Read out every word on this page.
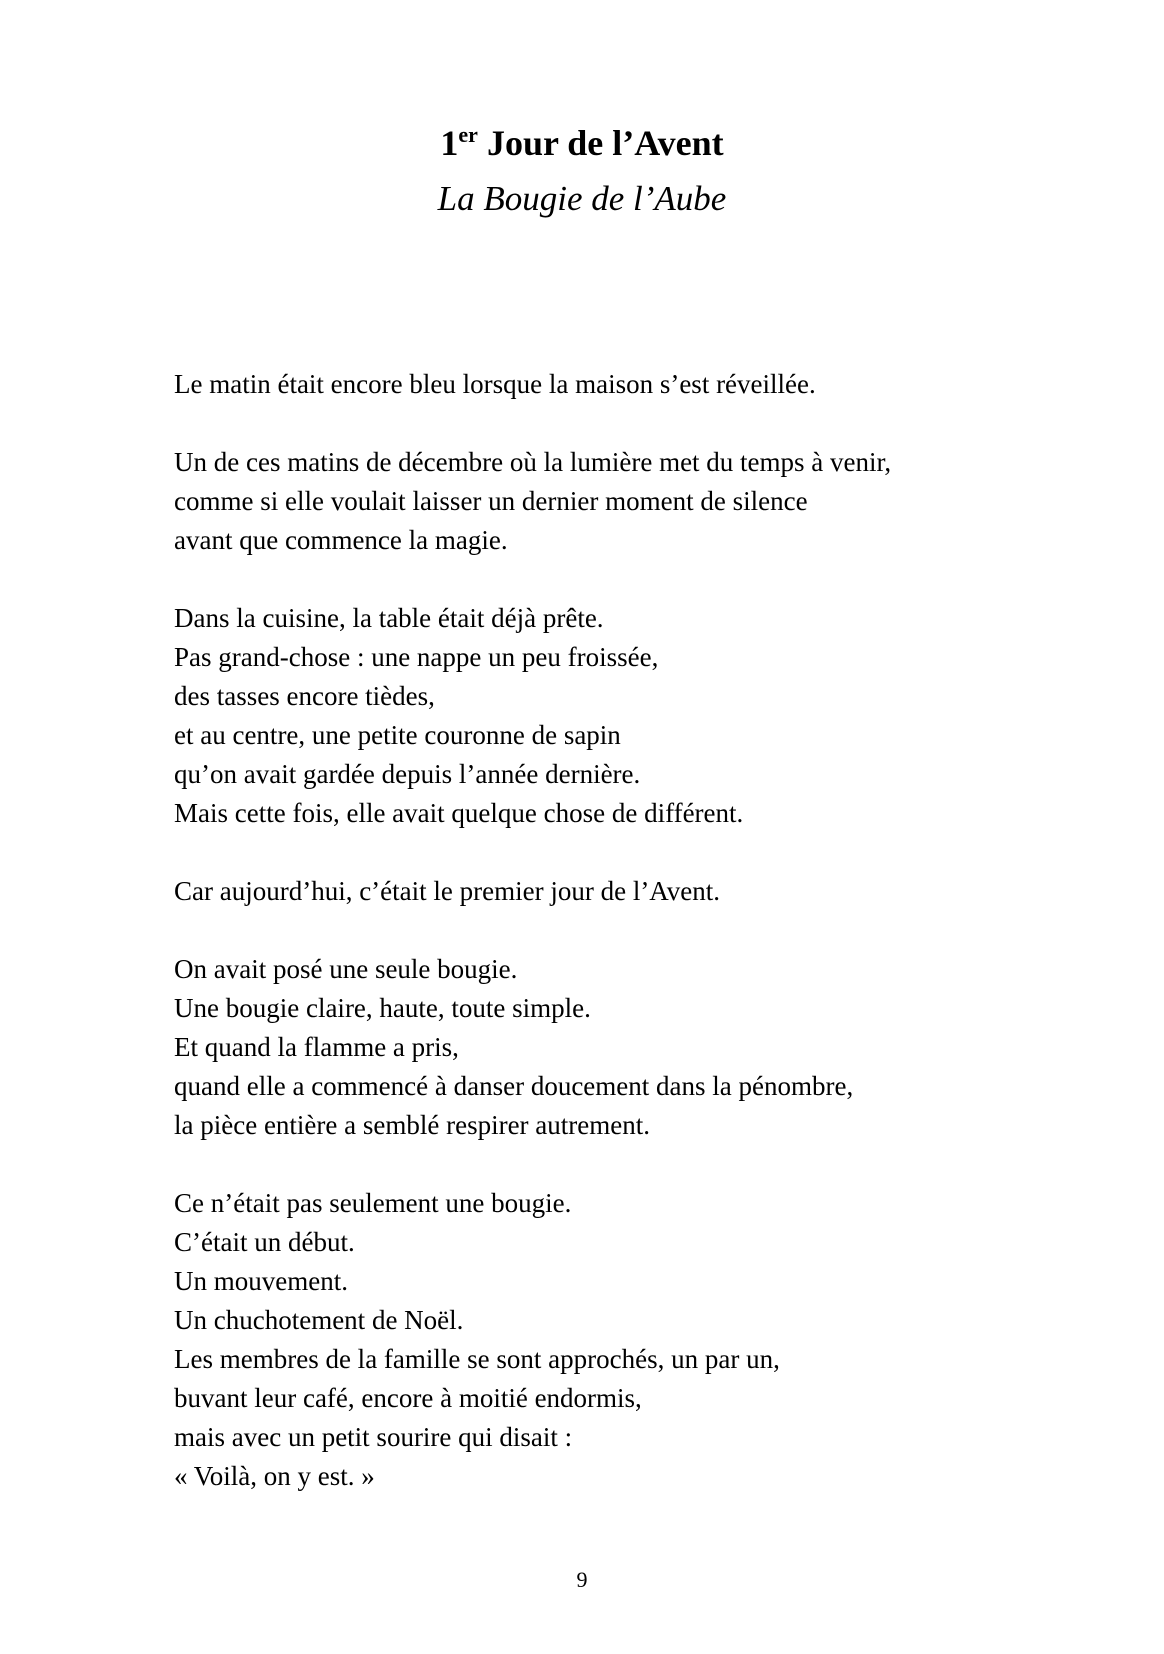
1er Jour de l’Avent
La Bougie de l’Aube
Le matin était encore bleu lorsque la maison s’est réveillée.
Un de ces matins de décembre où la lumière met du temps à venir,
comme si elle voulait laisser un dernier moment de silence
avant que commence la magie.
Dans la cuisine, la table était déjà prête.
Pas grand-chose : une nappe un peu froissée,
des tasses encore tièdes,
et au centre, une petite couronne de sapin
qu’on avait gardée depuis l’année dernière.
Mais cette fois, elle avait quelque chose de différent.
Car aujourd’hui, c’était le premier jour de l’Avent.
On avait posé une seule bougie.
Une bougie claire, haute, toute simple.
Et quand la flamme a pris,
quand elle a commencé à danser doucement dans la pénombre,
la pièce entière a semblé respirer autrement.
Ce n’était pas seulement une bougie.
C’était un début.
Un mouvement.
Un chuchotement de Noël.
Les membres de la famille se sont approchés, un par un,
buvant leur café, encore à moitié endormis,
mais avec un petit sourire qui disait :
« Voilà, on y est. »
9
